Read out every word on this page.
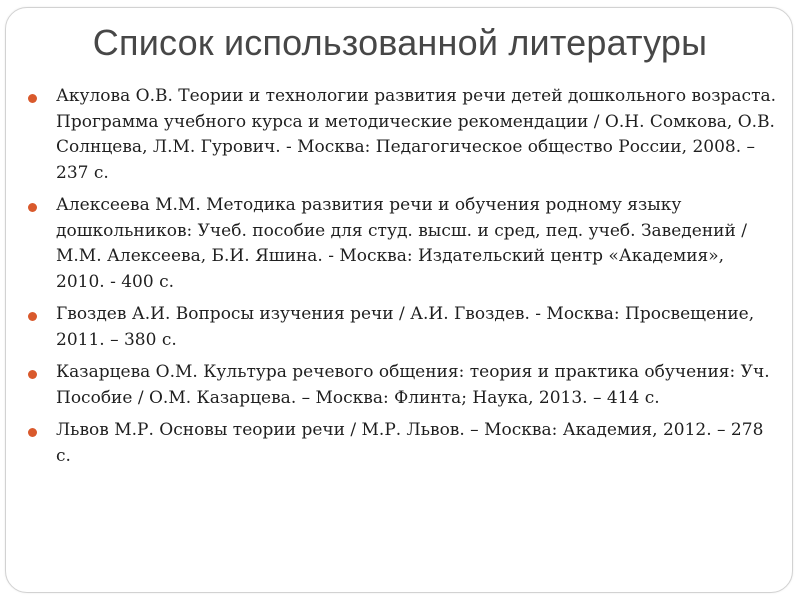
Список использованной литературы
Акулова О.В. Теории и технологии развития речи детей дошкольного возраста. Программа учебного курса и методические рекомендации / О.Н. Сомкова, О.В. Солнцева, Л.М. Гурович. - Москва: Педагогическое общество России, 2008. – 237 с.
Алексеева М.М. Методика развития речи и обучения родному языку дошкольников: Учеб. пособие для студ. высш. и сред, пед. учеб. Заведений / М.М. Алексеева, Б.И. Яшина. - Москва: Издательский центр «Академия», 2010. - 400 с.
Гвоздев А.И. Вопросы изучения речи / А.И. Гвоздев. - Москва: Просвещение, 2011. – 380 с.
Казарцева О.М. Культура речевого общения: теория и практика обучения: Уч. Пособие / О.М. Казарцева. – Москва: Флинта; Наука, 2013. – 414 с.
Львов М.Р. Основы теории речи / М.Р. Львов. – Москва: Академия, 2012. – 278 с.
